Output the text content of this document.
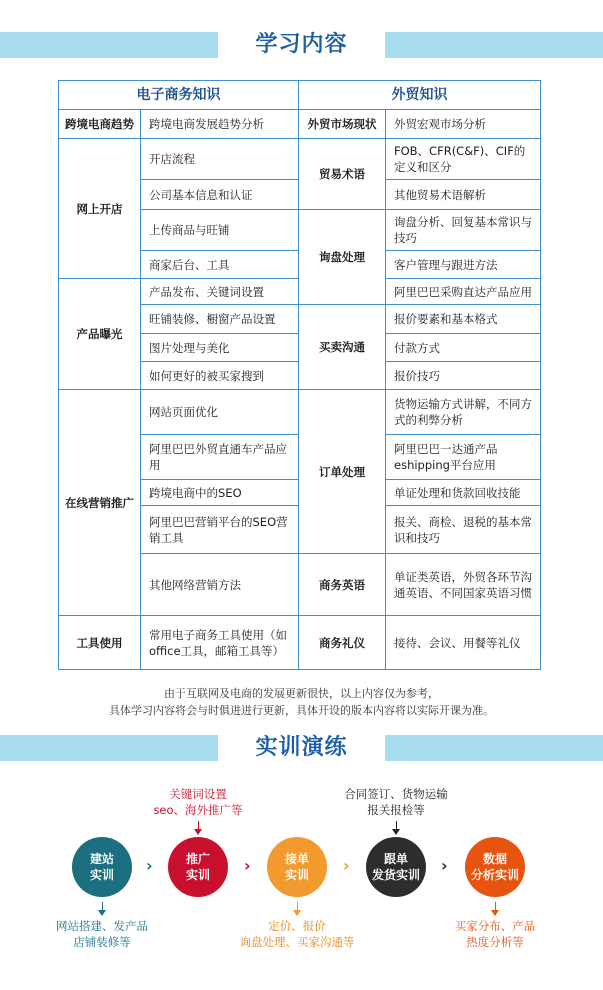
学习内容
电子商务知识		外贸知识	
跨境电商趋势	跨境电商发展趋势分析	外贸市场现状	外贸宏观市场分析
网上开店	开店流程	贸易术语	FOB、CFR(C&F)、CIF的定义和区分
	公司基本信息和认证		其他贸易术语解析
	上传商品与旺铺	询盘处理	询盘分析、回复基本常识与技巧
	商家后台、工具		客户管理与跟进方法
产品曝光	产品发布、关键词设置		阿里巴巴采购直达产品应用
	旺铺装修、橱窗产品设置	买卖沟通	报价要素和基本格式
	图片处理与美化		付款方式
	如何更好的被买家搜到		报价技巧
在线营销推广	网站页面优化	订单处理	货物运输方式讲解，不同方式的利弊分析
	阿里巴巴外贸直通车产品应用		阿里巴巴一达通产品eshipping平台应用
	跨境电商中的SEO		单证处理和货款回收技能
	阿里巴巴营销平台的SEO营销工具		报关、商检、退税的基本常识和技巧
	其他网络营销方法	商务英语	单证类英语，外贸各环节沟通英语、不同国家英语习惯
工具使用	常用电子商务工具使用（如office工具，邮箱工具等）	商务礼仪	接待、会议、用餐等礼仪
由于互联网及电商的发展更新很快，以上内容仅为参考，
具体学习内容将会与时俱进进行更新，具体开设的版本内容将以实际开课为准。
实训演练
关键词设置
seo、海外推广等
合同签订、货物运输
报关报检等
建站
实训 ›	推广
实训 ›	接单
实训 ›	跟单
发货实训 ›	数据
分析实训
网站搭建、发产品
店铺装修等
定价、报价
询盘处理、买家沟通等
买家分布、产品
热度分析等
